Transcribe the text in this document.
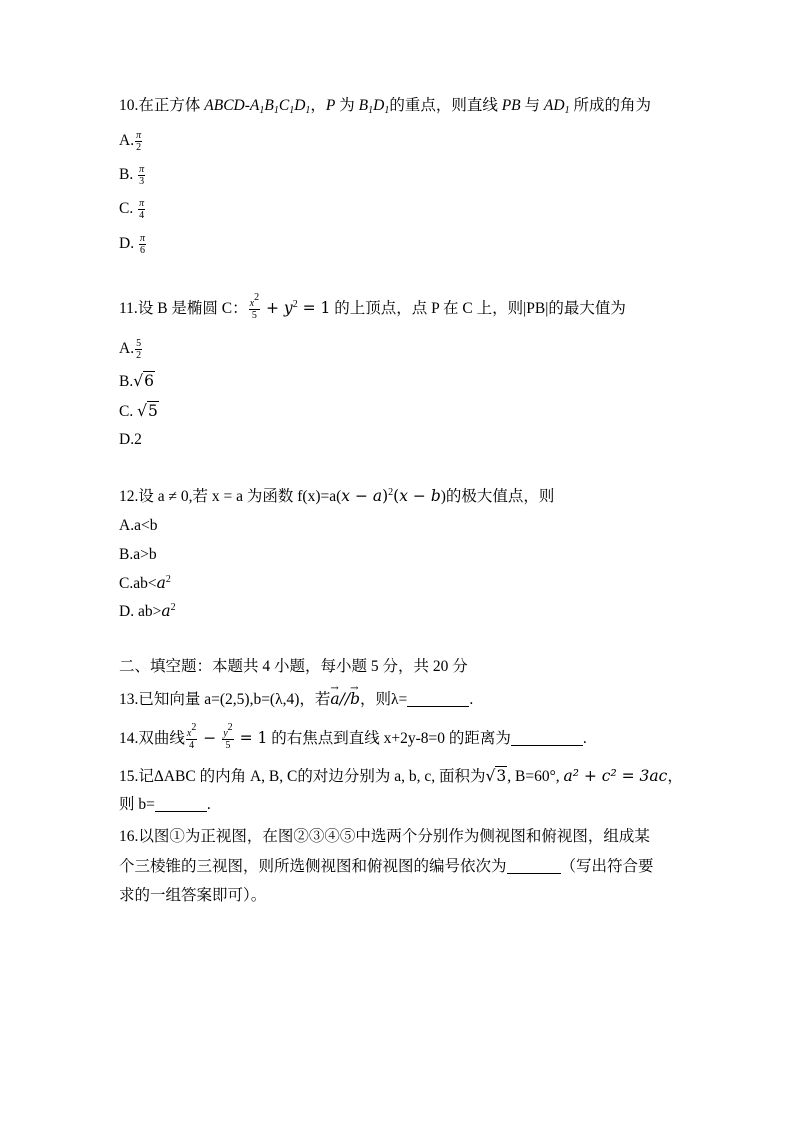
10.在正方体 ABCD-$A_1B_1C_1D_1$，P 为 $B_1D_1$的重点，则直线 PB 与 $AD_1$ 所成的角为
A. $\frac{\pi}{2}$
B. $\frac{\pi}{3}$
C. $\frac{\pi}{4}$
D. $\frac{\pi}{6}$
11.设 B 是椭圆 C： $\frac{x^2}{5} + y^2 = 1$ 的上顶点，点 P 在 C 上，则|PB|的最大值为
A. $\frac{5}{2}$
B.√6
C. √5
D.2
12.设 a ≠ 0,若 x = a 为函数 $f(x)=a(x - a)^2(x - b)$的极大值点，则
A.a<b
B.a>b
$C.ab<a^2$
D. $ab>a^2$
二、填空题：本题共 4 小题，每小题 5 分，共 20 分
13.已知向量 a=(2,5),b=(λ,4)，若→ a//→ b，则λ=	.
14.双曲线 $\frac{x^2}{4} - \frac{y^2}{5} = 1$ 的右焦点到直线 x+2y-8=0 的距离为	.
15.记ΔABC 的内角 A, B, C的对边分别为 a, b, c, 面积为√3, B=60°, a² + c² = 3ac，
则 b=	.
16.以图①为正视图，在图②③④⑤中选两个分别作为侧视图和俯视图，组成某
个三棱锥的三视图，则所选侧视图和俯视图的编号依次为	（写出符合要
求的一组答案即可）。
